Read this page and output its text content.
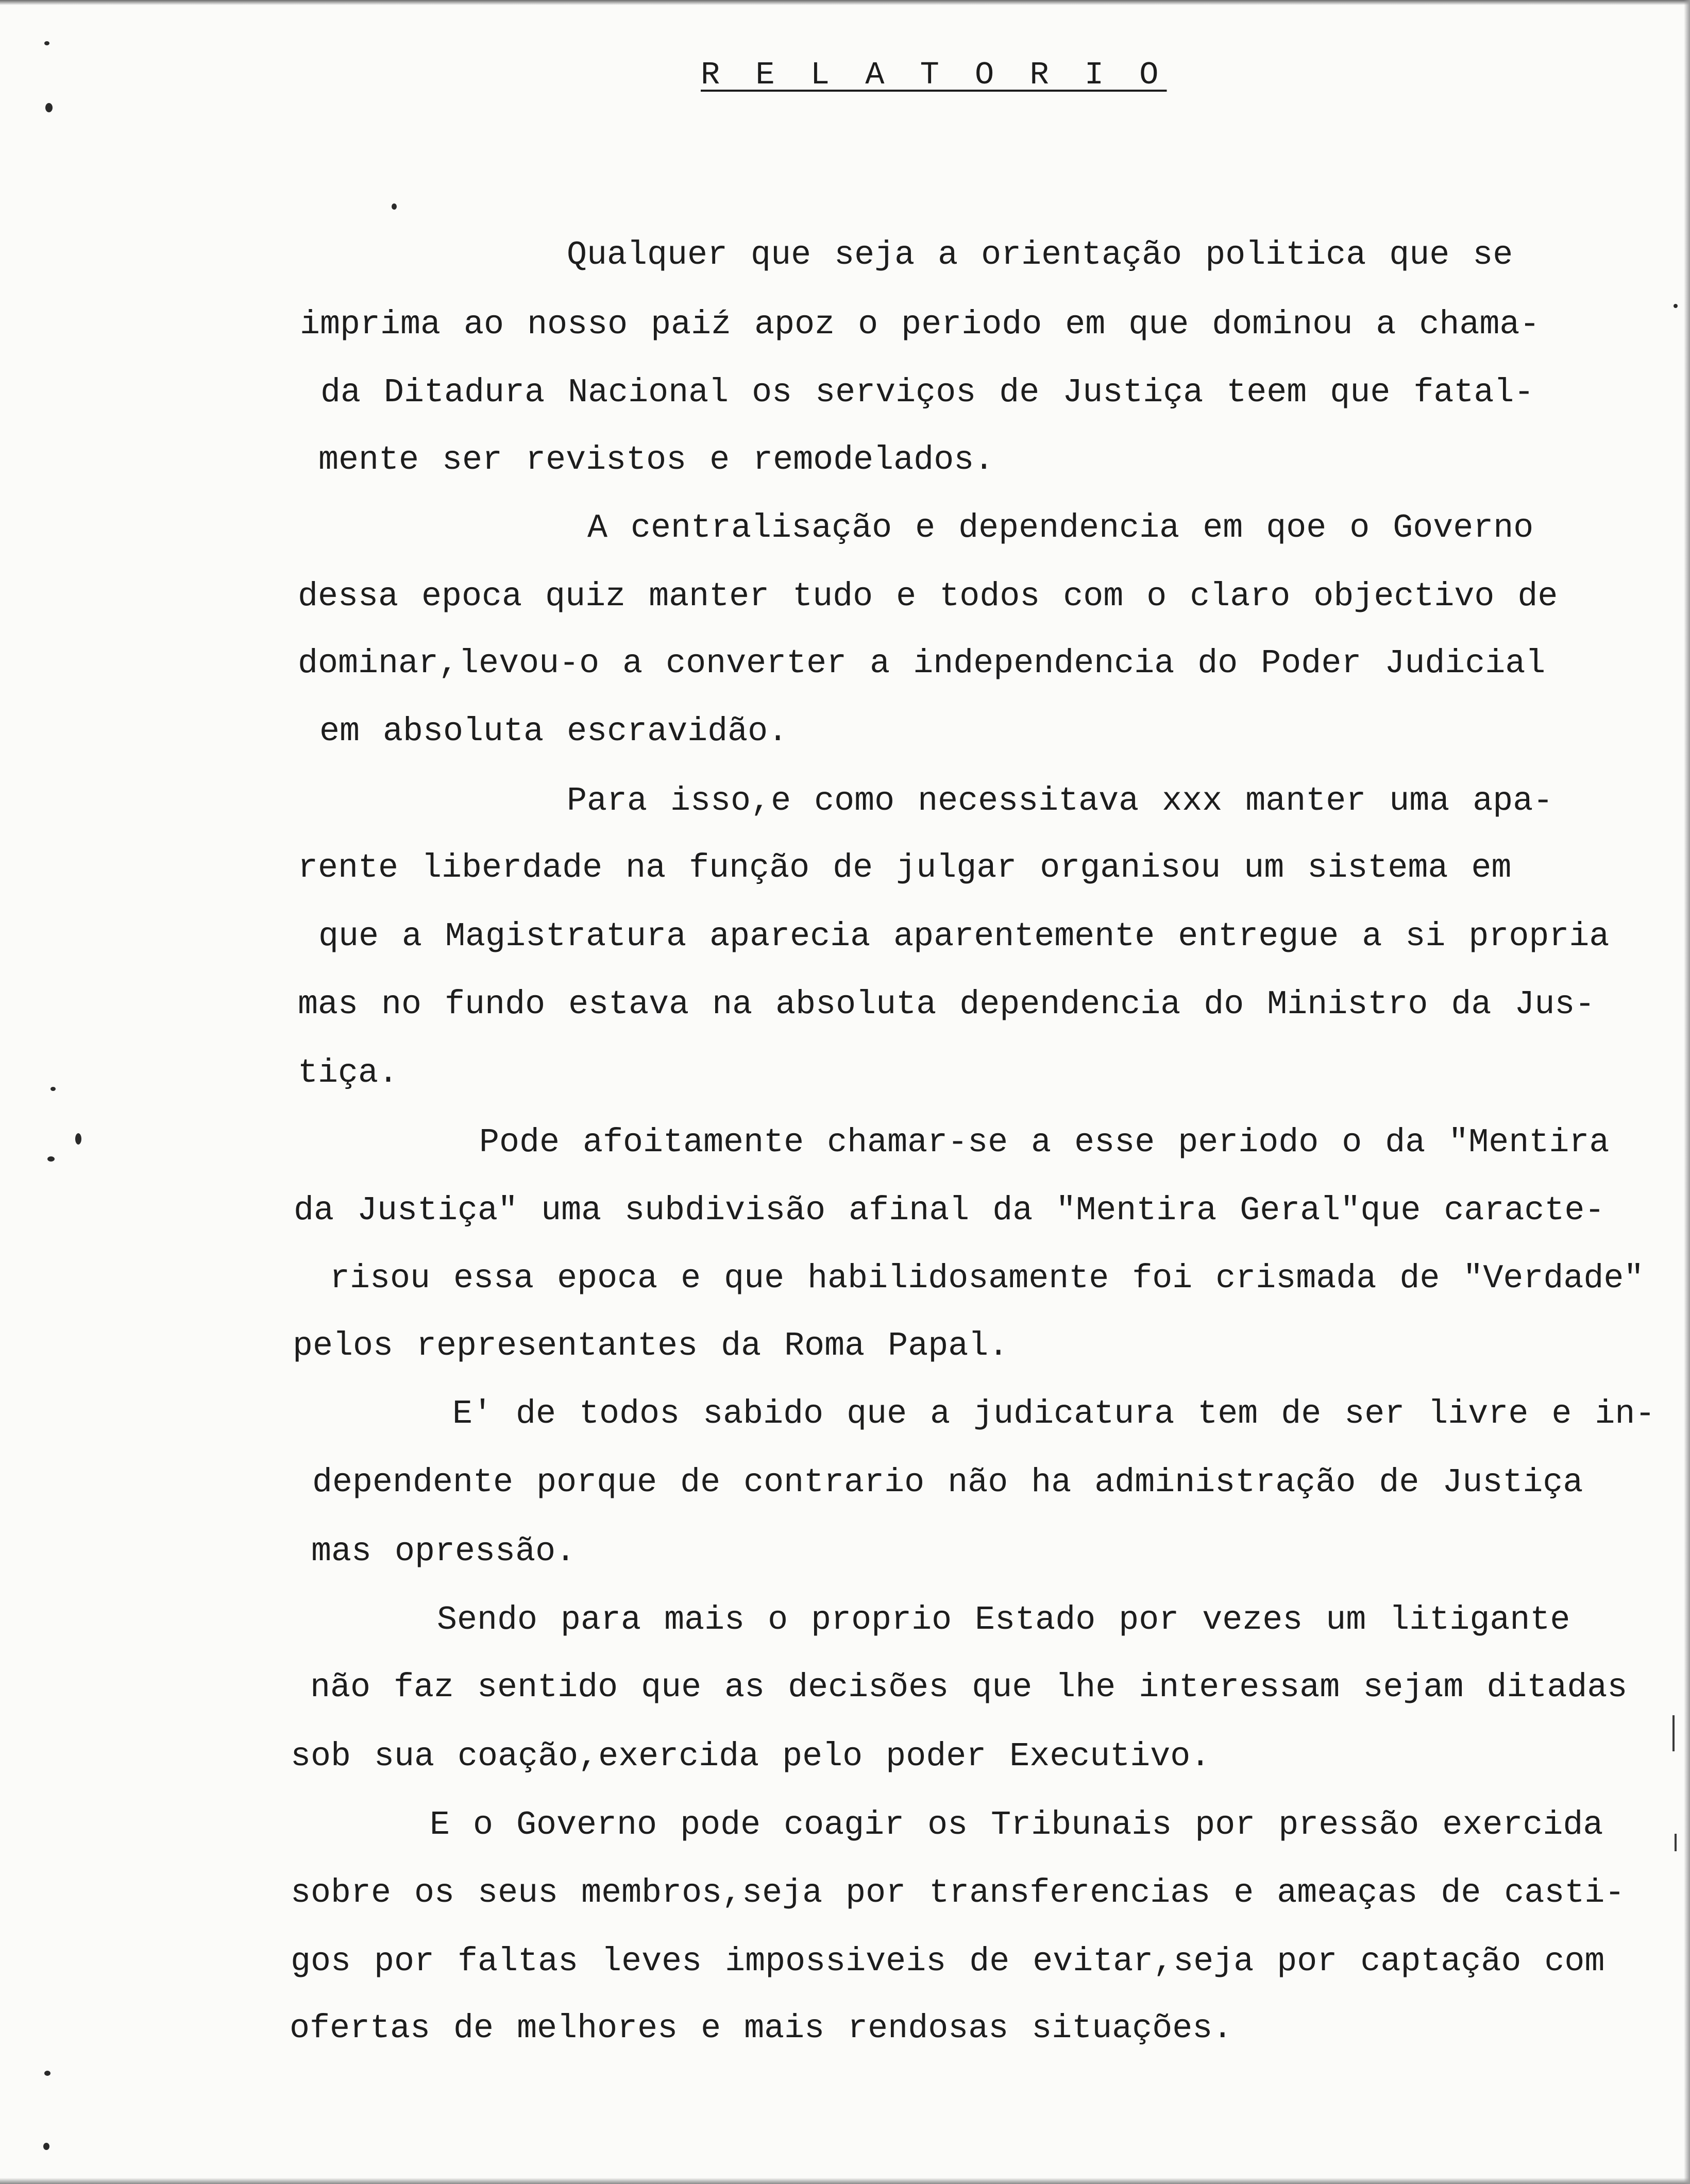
R E L A T O R I O
Qualquer que seja a orientação politica que se
imprima ao nosso paiź apoz o periodo em que dominou a chama-
da Ditadura Nacional os serviços de Justiça teem que fatal-
mente ser revistos e remodelados.
A centralisação e dependencia em qoe o Governo
dessa epoca quiz manter tudo e todos com o claro objectivo de
dominar,levou-o a converter a independencia do Poder Judicial
em absoluta escravidão.
Para isso,e como necessitava xxx manter uma apa-
rente liberdade na função de julgar organisou um sistema em
que a Magistratura aparecia aparentemente entregue a si propria
mas no fundo estava na absoluta dependencia do Ministro da Jus-
tiça.
Pode afoitamente chamar-se a esse periodo o da "Mentira
da Justiça" uma subdivisão afinal da "Mentira Geral"que caracte-
risou essa epoca e que habilidosamente foi crismada de "Verdade"
pelos representantes da Roma Papal.
E' de todos sabido que a judicatura tem de ser livre e in-
dependente porque de contrario não ha administração de Justiça
mas opressão.
Sendo para mais o proprio Estado por vezes um litigante
não faz sentido que as decisões que lhe interessam sejam ditadas
sob sua coação,exercida pelo poder Executivo.
E o Governo pode coagir os Tribunais por pressão exercida
sobre os seus membros,seja por transferencias e ameaças de casti-
gos por faltas leves impossiveis de evitar,seja por captação com
ofertas de melhores e mais rendosas situações.
